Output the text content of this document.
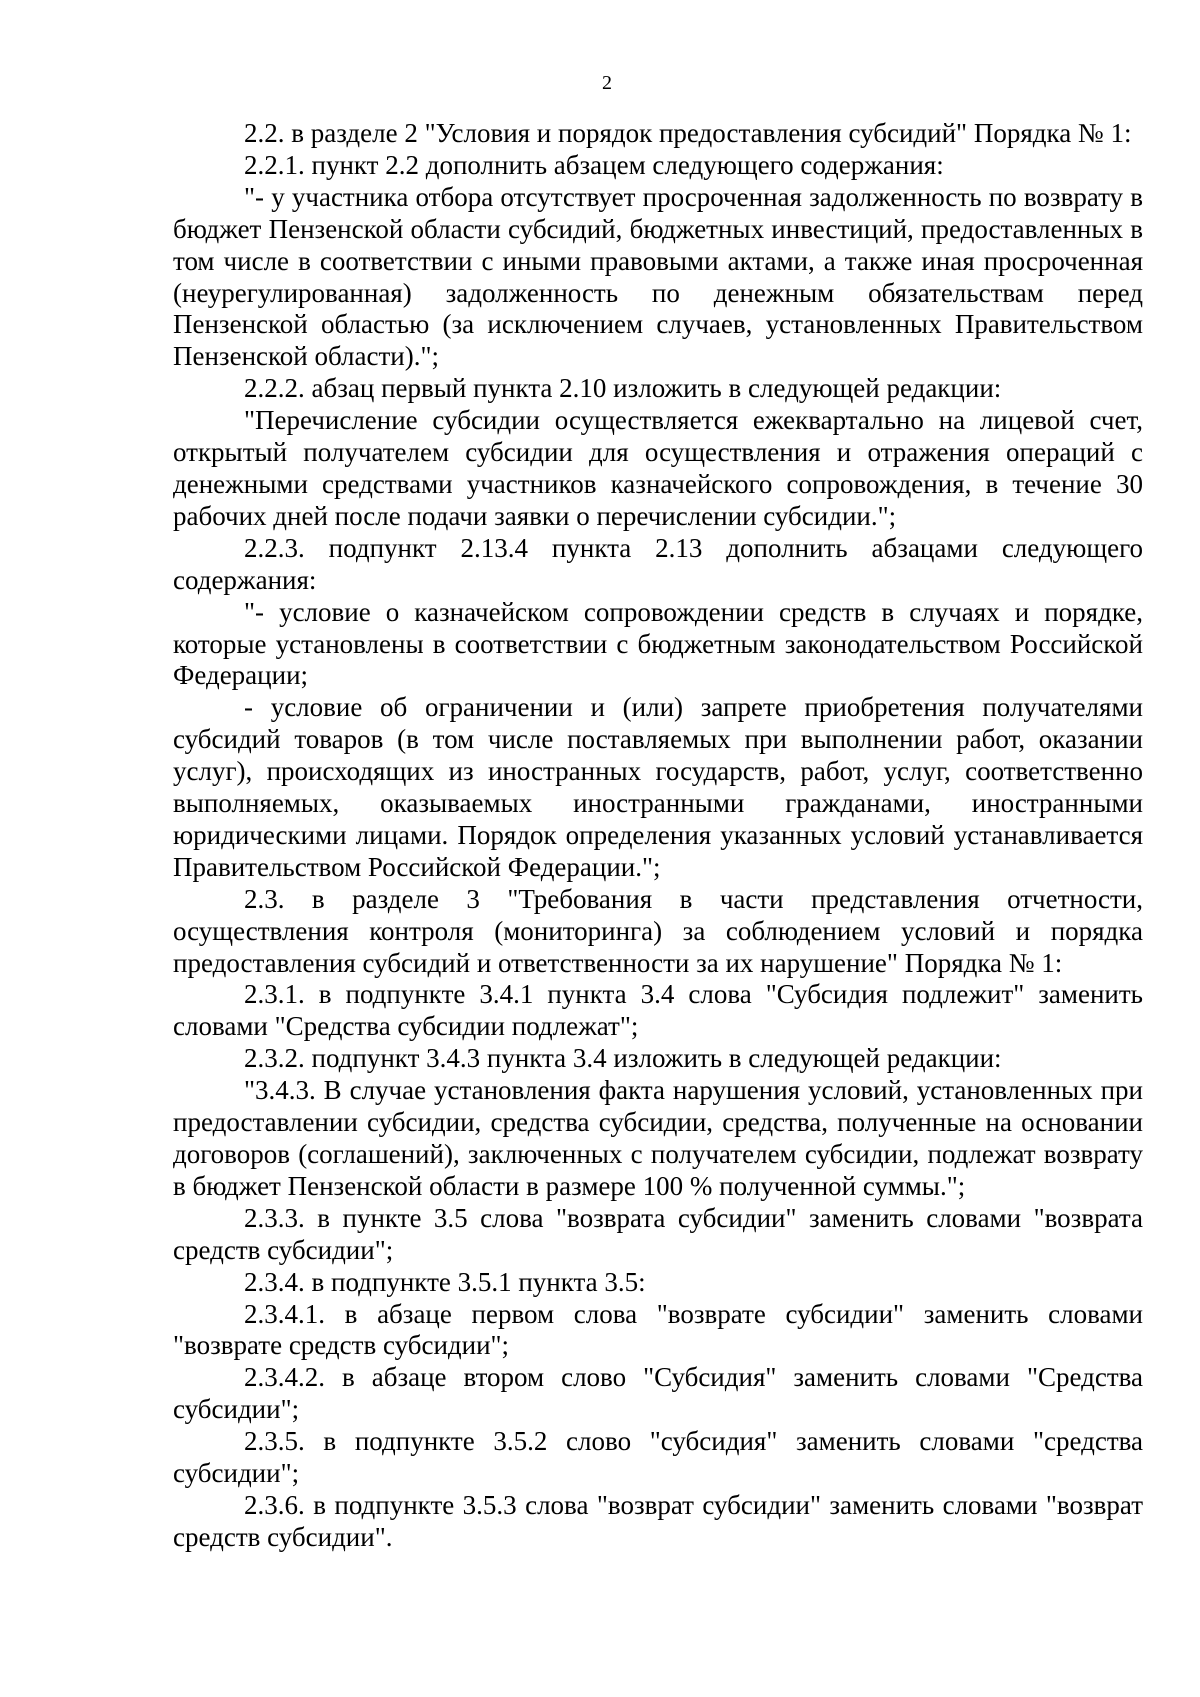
2

2.2. в разделе 2 "Условия и порядок предоставления субсидий" Порядка № 1:

2.2.1. пункт 2.2 дополнить абзацем следующего содержания:

"- у участника отбора отсутствует просроченная задолженность по возврату в бюджет Пензенской области субсидий, бюджетных инвестиций, предоставленных в том числе в соответствии с иными правовыми актами, а также иная просроченная (неурегулированная) задолженность по денежным обязательствам перед Пензенской областью (за исключением случаев, установленных Правительством Пензенской области).";

2.2.2. абзац первый пункта 2.10 изложить в следующей редакции:

"Перечисление субсидии осуществляется ежеквартально на лицевой счет, открытый получателем субсидии для осуществления и отражения операций с денежными средствами участников казначейского сопровождения, в течение 30 рабочих дней после подачи заявки о перечислении субсидии.";

2.2.3. подпункт 2.13.4 пункта 2.13 дополнить абзацами следующего содержания:

"- условие о казначейском сопровождении средств в случаях и порядке, которые установлены в соответствии с бюджетным законодательством Российской Федерации;

- условие об ограничении и (или) запрете приобретения получателями субсидий товаров (в том числе поставляемых при выполнении работ, оказании услуг), происходящих из иностранных государств, работ, услуг, соответственно выполняемых, оказываемых иностранными гражданами, иностранными юридическими лицами. Порядок определения указанных условий устанавливается Правительством Российской Федерации.";

2.3. в разделе 3 "Требования в части представления отчетности, осуществления контроля (мониторинга) за соблюдением условий и порядка предоставления субсидий и ответственности за их нарушение" Порядка № 1:

2.3.1. в подпункте 3.4.1 пункта 3.4 слова "Субсидия подлежит" заменить словами "Средства субсидии подлежат";

2.3.2. подпункт 3.4.3 пункта 3.4 изложить в следующей редакции:

"3.4.3. В случае установления факта нарушения условий, установленных при предоставлении субсидии, средства субсидии, средства, полученные на основании договоров (соглашений), заключенных с получателем субсидии, подлежат возврату в бюджет Пензенской области в размере 100 % полученной суммы.";

2.3.3. в пункте 3.5 слова "возврата субсидии" заменить словами "возврата средств субсидии";

2.3.4. в подпункте 3.5.1 пункта 3.5:

2.3.4.1. в абзаце первом слова "возврате субсидии" заменить словами "возврате средств субсидии";

2.3.4.2. в абзаце втором слово "Субсидия" заменить словами "Средства субсидии";

2.3.5. в подпункте 3.5.2 слово "субсидия" заменить словами "средства субсидии";

2.3.6. в подпункте 3.5.3 слова "возврат субсидии" заменить словами "возврат средств субсидии".
